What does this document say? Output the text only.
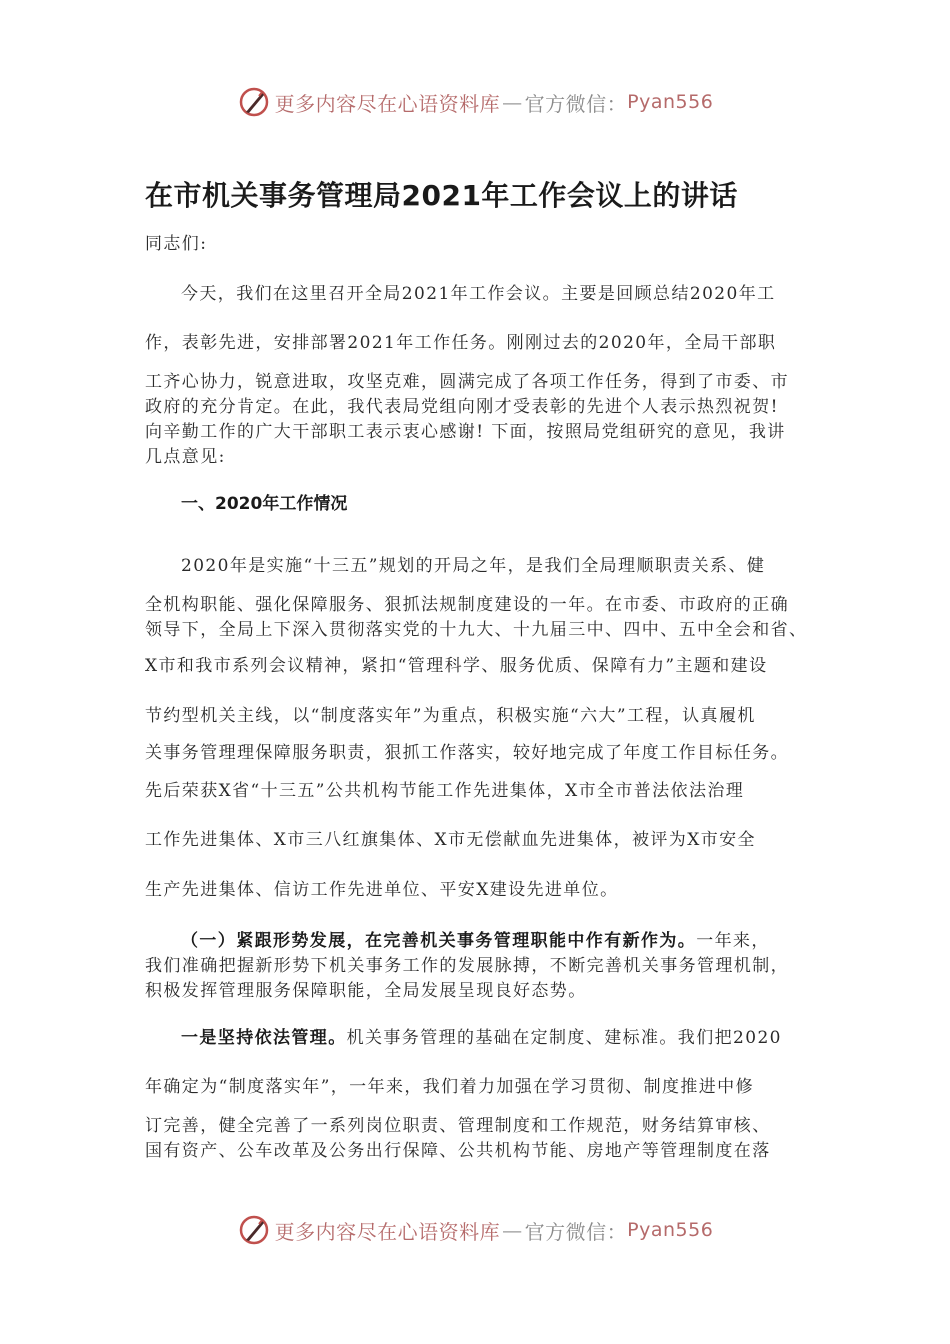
更多内容尽在心语资料库 — 官方微信： Pyan556
在市机关事务管理局2021年工作会议上的讲话
同志们:
今天，我们在这里召开全局2021年工作会议。主要是回顾总结2020年工
作，表彰先进，安排部署2021年工作任务。刚刚过去的2020年，全局干部职
工齐心协力，锐意进取，攻坚克难，圆满完成了各项工作任务，得到了市委、市
政府的充分肯定。在此，我代表局党组向刚才受表彰的先进个人表示热烈祝贺!
向辛勤工作的广大干部职工表示衷心感谢! 下面，按照局党组研究的意见，我讲
几点意见:
一、2020年工作情况
2020年是实施“十三五”规划的开局之年，是我们全局理顺职责关系、健
全机构职能、强化保障服务、狠抓法规制度建设的一年。在市委、市政府的正确
领导下，全局上下深入贯彻落实党的十九大、十九届三中、四中、五中全会和省、
X市和我市系列会议精神，紧扣“管理科学、服务优质、保障有力”主题和建设
节约型机关主线，以“制度落实年”为重点，积极实施“六大”工程，认真履机
关事务管理理保障服务职责，狠抓工作落实，较好地完成了年度工作目标任务。
先后荣获X省“十三五”公共机构节能工作先进集体，X市全市普法依法治理
工作先进集体、X市三八红旗集体、X市无偿献血先进集体，被评为X市安全
生产先进集体、信访工作先进单位、平安X建设先进单位。
（一）紧跟形势发展，在完善机关事务管理职能中作有新作为。一年来，
我们准确把握新形势下机关事务工作的发展脉搏，不断完善机关事务管理机制，
积极发挥管理服务保障职能，全局发展呈现良好态势。
一是坚持依法管理。机关事务管理的基础在定制度、建标准。我们把2020
年确定为“制度落实年”，一年来，我们着力加强在学习贯彻、制度推进中修
订完善，健全完善了一系列岗位职责、管理制度和工作规范，财务结算审核、
国有资产、公车改革及公务出行保障、公共机构节能、房地产等管理制度在落
更多内容尽在心语资料库 — 官方微信： Pyan556
